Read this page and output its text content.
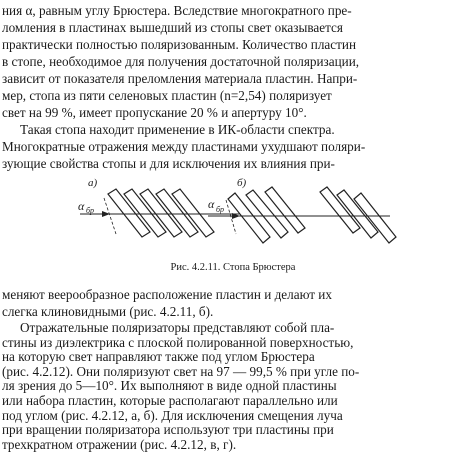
ния α, равным углу Брюстера. Вследствие многократного пре-
ломления в пластинах вышедший из стопы свет оказывается
практически полностью поляризованным. Количество пластин
в стопе, необходимое для получения достаточной поляризации,
зависит от показателя преломления материала пластин. Напри-
мер, стопа из пяти селеновых пластин (n=2,54) поляризует
свет на 99 %, имеет пропускание 20 % и апертуру 10°.
Такая стопа находит применение в ИК-области спектра.
Многократные отражения между пластинами ухудшают поляри-
зующие свойства стопы и для исключения их влияния при-
а)	б)
α бр	α бр
Рис. 4.2.11. Стопа Брюстера
меняют веерообразное расположение пластин и делают их
слегка клиновидными (рис. 4.2.11, б).
Отражательные поляризаторы представляют собой пла-
стины из диэлектрика с плоской полированной поверхностью,
на которую свет направляют также под углом Брюстера
(рис. 4.2.12). Они поляризуют свет на 97 — 99,5 % при угле по-
ля зрения до 5—10°. Их выполняют в виде одной пластины
или набора пластин, которые располагают параллельно или
под углом (рис. 4.2.12, а, б). Для исключения смещения луча
при вращении поляризатора используют три пластины при
трехкратном отражении (рис. 4.2.12, в, г).
